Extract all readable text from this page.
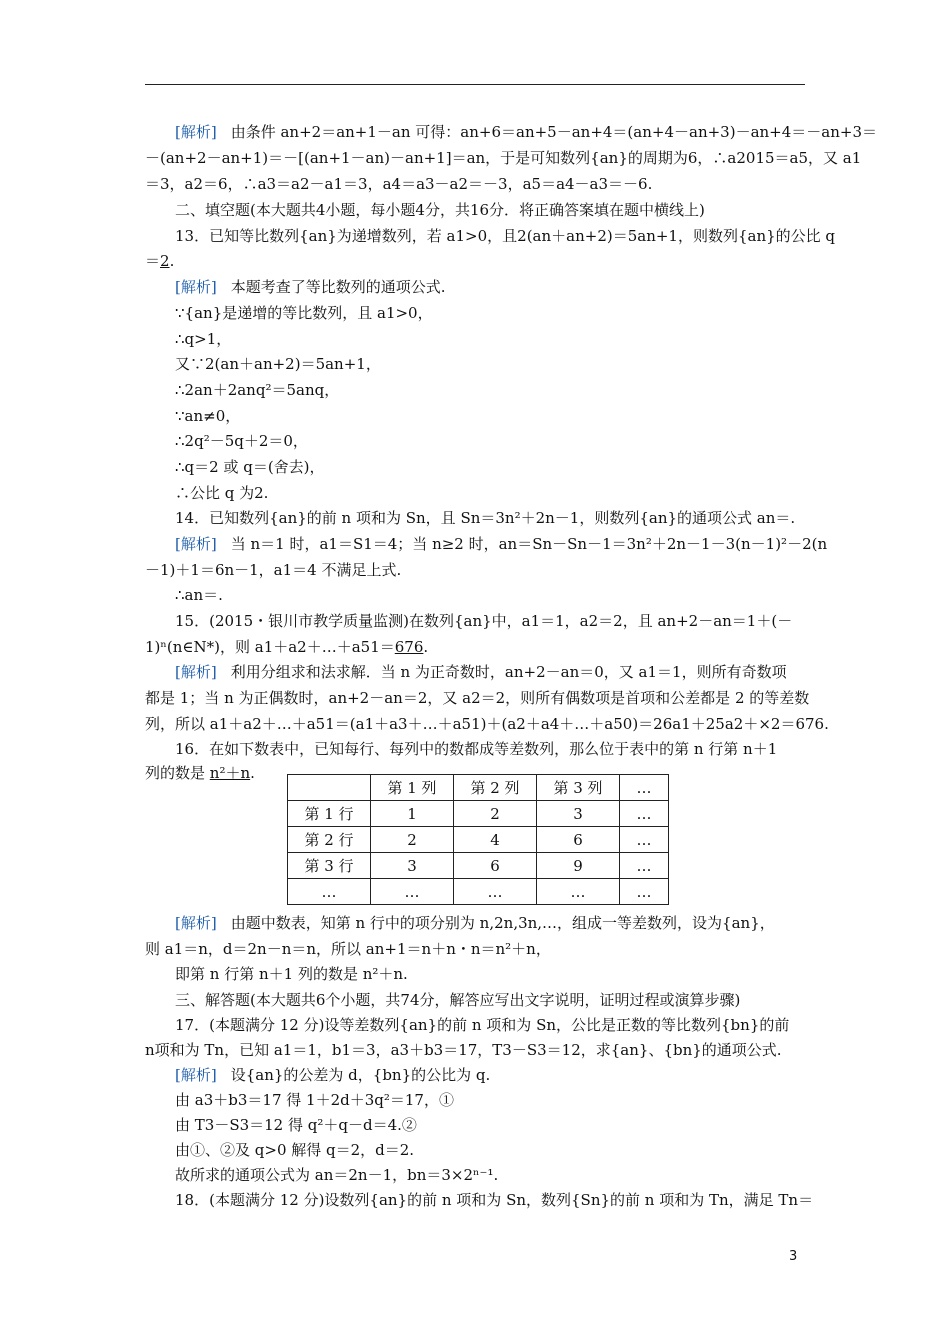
[解析] 由条件 an+2＝an+1－an 可得：an+6＝an+5－an+4＝(an+4－an+3)－an+4＝－an+3＝
－(an+2－an+1)＝－[(an+1－an)－an+1]＝an，于是可知数列{an}的周期为6，∴a2015＝a5，又 a1
＝3，a2＝6，∴a3＝a2－a1＝3，a4＝a3－a2＝－3，a5＝a4－a3＝－6.
二、填空题(本大题共4小题，每小题4分，共16分．将正确答案填在题中横线上)
13．已知等比数列{an}为递增数列，若 a1>0，且2(an＋an+2)＝5an+1，则数列{an}的公比 q
＝2.
[解析] 本题考查了等比数列的通项公式.
∵{an}是递增的等比数列，且 a1>0，
∴q>1，
又∵2(an＋an+2)＝5an+1，
∴2an＋2anq²＝5anq，
∵an≠0，
∴2q²－5q＋2＝0，
∴q＝2 或 q＝(舍去)，
∴公比 q 为2.
14．已知数列{an}的前 n 项和为 Sn，且 Sn＝3n²＋2n－1，则数列{an}的通项公式 an＝.
[解析] 当 n＝1 时，a1＝S1＝4；当 n≥2 时，an＝Sn－Sn－1＝3n²＋2n－1－3(n－1)²－2(n
－1)＋1＝6n－1，a1＝4 不满足上式.
∴an＝.
15．(2015・银川市教学质量监测)在数列{an}中，a1＝1，a2＝2，且 an+2－an＝1＋(－
1)ⁿ(n∈N*)，则 a1＋a2＋…＋a51＝676.
[解析] 利用分组求和法求解．当 n 为正奇数时，an+2－an＝0，又 a1＝1，则所有奇数项
都是 1；当 n 为正偶数时，an+2－an＝2，又 a2＝2，则所有偶数项是首项和公差都是 2 的等差数
列，所以 a1＋a2＋…＋a51＝(a1＋a3＋…＋a51)＋(a2＋a4＋…＋a50)＝26a1＋25a2＋×2＝676.
16．在如下数表中，已知每行、每列中的数都成等差数列，那么位于表中的第 n 行第 n＋1
列的数是 n²＋n.
	第 1 列	第 2 列	第 3 列	…
第 1 行	1	2	3	…
第 2 行	2	4	6	…
第 3 行	3	6	9	…
…	…	…	…	…
[解析] 由题中数表，知第 n 行中的项分别为 n,2n,3n,…，组成一等差数列，设为{an}，
则 a1＝n，d＝2n－n＝n，所以 an+1＝n＋n・n＝n²＋n，
即第 n 行第 n＋1 列的数是 n²＋n.
三、解答题(本大题共6个小题，共74分，解答应写出文字说明，证明过程或演算步骤)
17．(本题满分 12 分)设等差数列{an}的前 n 项和为 Sn，公比是正数的等比数列{bn}的前
n项和为 Tn，已知 a1＝1，b1＝3，a3＋b3＝17，T3－S3＝12，求{an}、{bn}的通项公式.
[解析] 设{an}的公差为 d，{bn}的公比为 q.
由 a3＋b3＝17 得 1＋2d＋3q²＝17，①
由 T3－S3＝12 得 q²＋q－d＝4.②
由①、②及 q>0 解得 q＝2，d＝2.
故所求的通项公式为 an＝2n－1，bn＝3×2ⁿ⁻¹.
18．(本题满分 12 分)设数列{an}的前 n 项和为 Sn，数列{Sn}的前 n 项和为 Tn，满足 Tn＝
3
